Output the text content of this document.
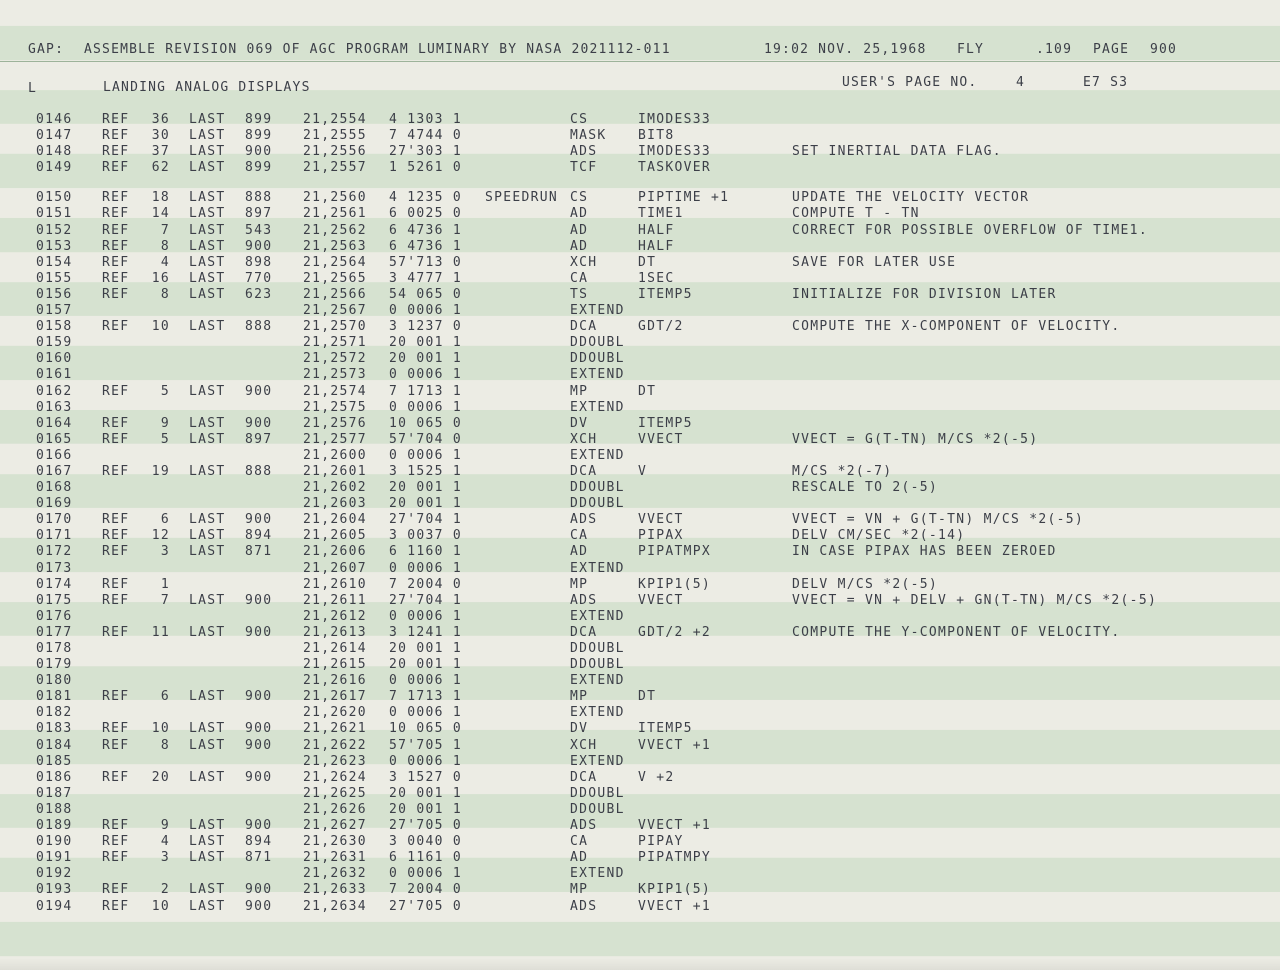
GAP: ASSEMBLE REVISION 069 OF AGC PROGRAM LUMINARY BY NASA 2021112-011	19:02 NOV. 25,1968 FLY	.109 PAGE 900
L	LANDING ANALOG DISPLAYS	USER'S PAGE NO.	4	E7 S3
0146 REF 36 LAST 899 21,2554 4 1303 1	CS	IMODES33
0147 REF 30 LAST 899 21,2555 7 4744 0	MASK BIT8
0148 REF 37 LAST 900 21,2556 27'303 1	ADS	IMODES33	SET INERTIAL DATA FLAG.
0149 REF 62 LAST 899 21,2557 1 5261 0	TCF	TASKOVER
0150 REF 18 LAST 888 21,2560 4 1235 0 SPEEDRUN CS	PIPTIME +1	UPDATE THE VELOCITY VECTOR
0151 REF 14 LAST 897 21,2561 6 0025 0	AD	TIME1	COMPUTE T - TN
0152 REF	7 LAST 543 21,2562 6 4736 1	AD	HALF	CORRECT FOR POSSIBLE OVERFLOW OF TIME1.
0153 REF	8 LAST 900 21,2563 6 4736 1	AD	HALF
0154 REF	4 LAST 898 21,2564 57'713 0	XCH	DT	SAVE FOR LATER USE
0155 REF 16 LAST 770 21,2565 3 4777 1	CA	1SEC
0156 REF	8 LAST 623 21,2566 54 065 0	TS	ITEMP5	INITIALIZE FOR DIVISION LATER
0157	21,2567 0 0006 1	EXTEND
0158 REF 10 LAST 888 21,2570 3 1237 0	DCA	GDT/2	COMPUTE THE X-COMPONENT OF VELOCITY.
0159	21,2571 20 001 1	DDOUBL
0160	21,2572 20 001 1	DDOUBL
0161	21,2573 0 0006 1	EXTEND
0162 REF	5 LAST 900 21,2574 7 1713 1	MP	DT
0163	21,2575 0 0006 1	EXTEND
0164 REF	9 LAST 900 21,2576 10 065 0	DV	ITEMP5
0165 REF	5 LAST 897 21,2577 57'704 0	XCH	VVECT	VVECT = G(T-TN) M/CS *2(-5)
0166	21,2600 0 0006 1	EXTEND
0167 REF 19 LAST 888 21,2601 3 1525 1	DCA	V	M/CS *2(-7)
0168	21,2602 20 001 1	DDOUBL	RESCALE TO 2(-5)
0169	21,2603 20 001 1	DDOUBL
0170 REF	6 LAST 900 21,2604 27'704 1	ADS	VVECT	VVECT = VN + G(T-TN) M/CS *2(-5)
0171 REF 12 LAST 894 21,2605 3 0037 0	CA	PIPAX	DELV CM/SEC *2(-14)
0172 REF	3 LAST 871 21,2606 6 1160 1	AD	PIPATMPX	IN CASE PIPAX HAS BEEN ZEROED
0173	21,2607 0 0006 1	EXTEND
0174 REF	1	21,2610 7 2004 0	MP	KPIP1(5)	DELV M/CS *2(-5)
0175 REF	7 LAST 900 21,2611 27'704 1	ADS	VVECT	VVECT = VN + DELV + GN(T-TN) M/CS *2(-5)
0176	21,2612 0 0006 1	EXTEND
0177 REF 11 LAST 900 21,2613 3 1241 1	DCA	GDT/2 +2	COMPUTE THE Y-COMPONENT OF VELOCITY.
0178	21,2614 20 001 1	DDOUBL
0179	21,2615 20 001 1	DDOUBL
0180	21,2616 0 0006 1	EXTEND
0181 REF	6 LAST 900 21,2617 7 1713 1	MP	DT
0182	21,2620 0 0006 1	EXTEND
0183 REF 10 LAST 900 21,2621 10 065 0	DV	ITEMP5
0184 REF	8 LAST 900 21,2622 57'705 1	XCH	VVECT +1
0185	21,2623 0 0006 1	EXTEND
0186 REF 20 LAST 900 21,2624 3 1527 0	DCA	V +2
0187	21,2625 20 001 1	DDOUBL
0188	21,2626 20 001 1	DDOUBL
0189 REF	9 LAST 900 21,2627 27'705 0	ADS	VVECT +1
0190 REF	4 LAST 894 21,2630 3 0040 0	CA	PIPAY
0191 REF	3 LAST 871 21,2631 6 1161 0	AD	PIPATMPY
0192	21,2632 0 0006 1	EXTEND
0193 REF	2 LAST 900 21,2633 7 2004 0	MP	KPIP1(5)
0194 REF 10 LAST 900 21,2634 27'705 0	ADS	VVECT +1
